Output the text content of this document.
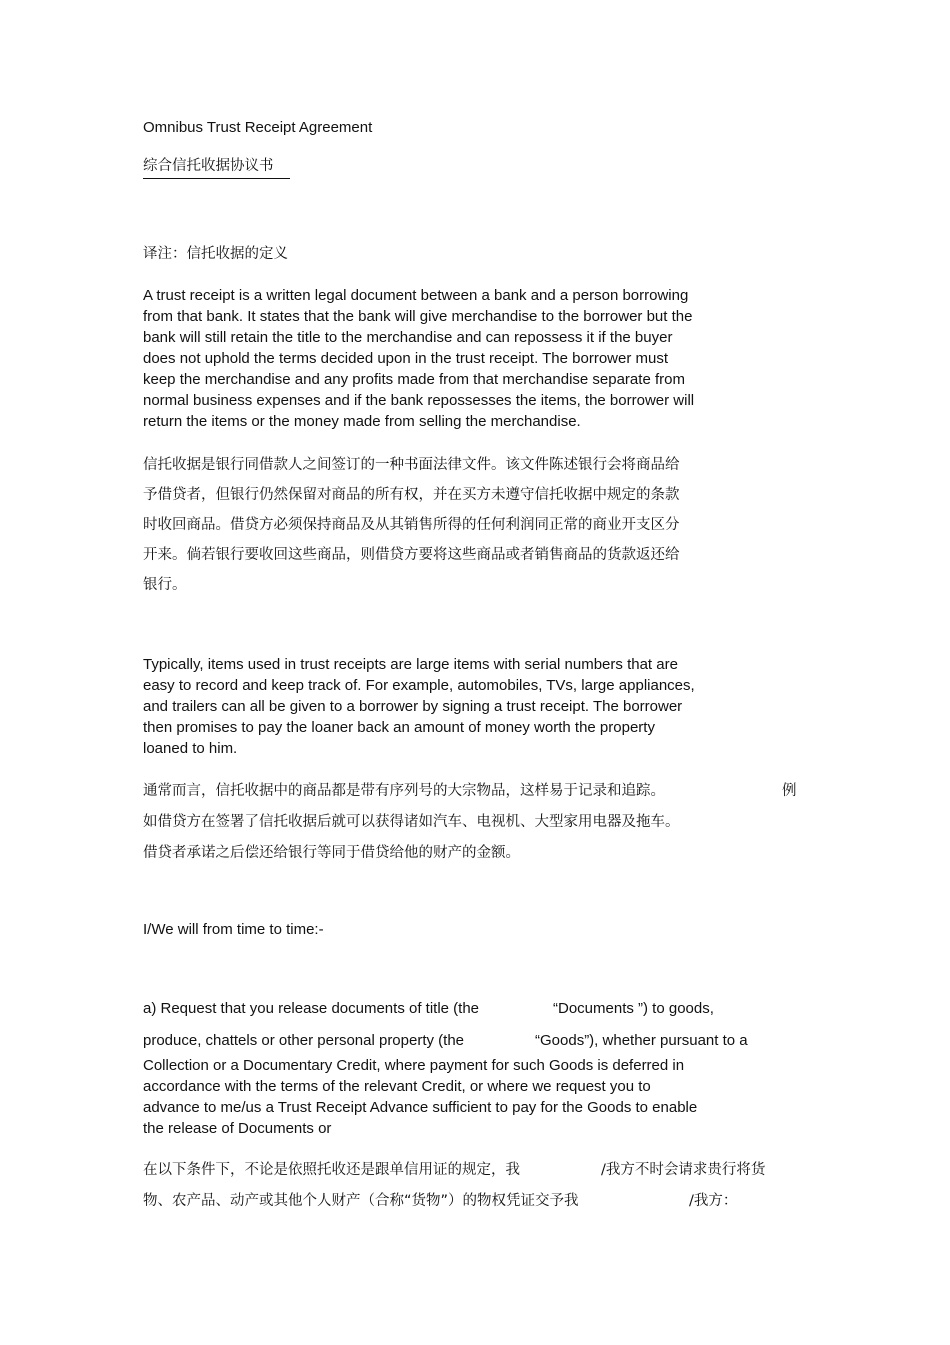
Omnibus Trust Receipt Agreement
综合信托收据协议书
译注：信托收据的定义
A trust receipt is a written legal document between a bank and a person borrowing
from that bank. It states that the bank will give merchandise to the borrower but the
bank will still retain the title to the merchandise and can repossess it if the buyer
does not uphold the terms decided upon in the trust receipt. The borrower must
keep the merchandise and any profits made from that merchandise separate from
normal business expenses and if the bank repossesses the items, the borrower will
return the items or the money made from selling the merchandise.
信托收据是银行同借款人之间签订的一种书面法律文件。该文件陈述银行会将商品给
予借贷者，但银行仍然保留对商品的所有权，并在买方未遵守信托收据中规定的条款
时收回商品。借贷方必须保持商品及从其销售所得的任何利润同正常的商业开支区分
开来。倘若银行要收回这些商品，则借贷方要将这些商品或者销售商品的货款返还给
银行。
Typically, items used in trust receipts are large items with serial numbers that are
easy to record and keep track of. For example, automobiles, TVs, large appliances,
and trailers can all be given to a borrower by signing a trust receipt. The borrower
then promises to pay the loaner back an amount of money worth the property
loaned to him.
通常而言，信托收据中的商品都是带有序列号的大宗物品，这样易于记录和追踪。	例
如借贷方在签署了信托收据后就可以获得诸如汽车、电视机、大型家用电器及拖车。
借贷者承诺之后偿还给银行等同于借贷给他的财产的金额。
I/We will from time to time:-
a) Request that you release documents of title (the	“Documents ”) to goods,
produce, chattels or other personal property (the	“Goods”), whether pursuant to a
Collection or a Documentary Credit, where payment for such Goods is deferred in
accordance with the terms of the relevant Credit, or where we request you to
advance to me/us a Trust Receipt Advance sufficient to pay for the Goods to enable
the release of Documents or
在以下条件下，不论是依照托收还是跟单信用证的规定，我	/我方不时会请求贵行将货
物、农产品、动产或其他个人财产（合称“货物”）的物权凭证交予我	/我方：
